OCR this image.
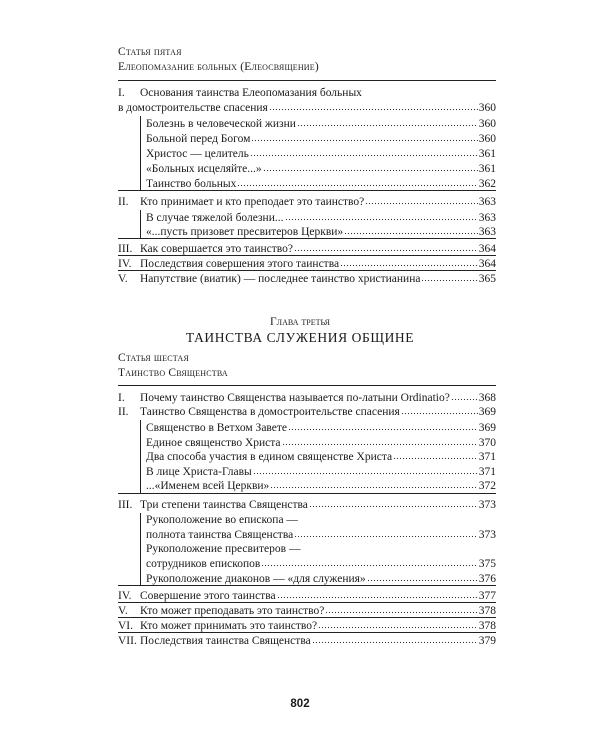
Статья пятая
Елеопомазание больных (Елеосвящение)
I.	Основания таинства Елеопомазания больных
в домостроительстве спасения	360
Болезнь в человеческой жизни	360
Больной перед Богом	360
Христос — целитель	361
«Больных исцеляйте...»	361
Таинство больных	362
II. Кто принимает и кто преподает это таинство?	363
В случае тяжелой болезни...	363
«...пусть призовет пресвитеров Церкви»	363
III. Как совершается это таинство?	364
IV. Последствия совершения этого таинства	364
V.	Напутствие (виатик) — последнее таинство христианина	365
Глава третья
ТАИНСТВА СЛУЖЕНИЯ ОБЩИНЕ
Статья шестая
Таинство Священства
I.	Почему таинство Священства называется по-латыни Ordinatio?	368
II. Таинство Священства в домостроительстве спасения	369
Священство в Ветхом Завете	369
Единое священство Христа	370
Два способа участия в едином священстве Христа	371
В лице Христа-Главы	371
...«Именем всей Церкви»	372
III. Три степени таинства Священства	373
Рукоположение во епископа —
полнота таинства Священства	373
Рукоположение пресвитеров —
сотрудников епископов	375
Рукоположение диаконов — «для служения»	376
IV. Совершение этого таинства	377
V.	Кто может преподавать это таинство?	378
VI. Кто может принимать это таинство?	378
VII. Последствия таинства Священства	379
802
